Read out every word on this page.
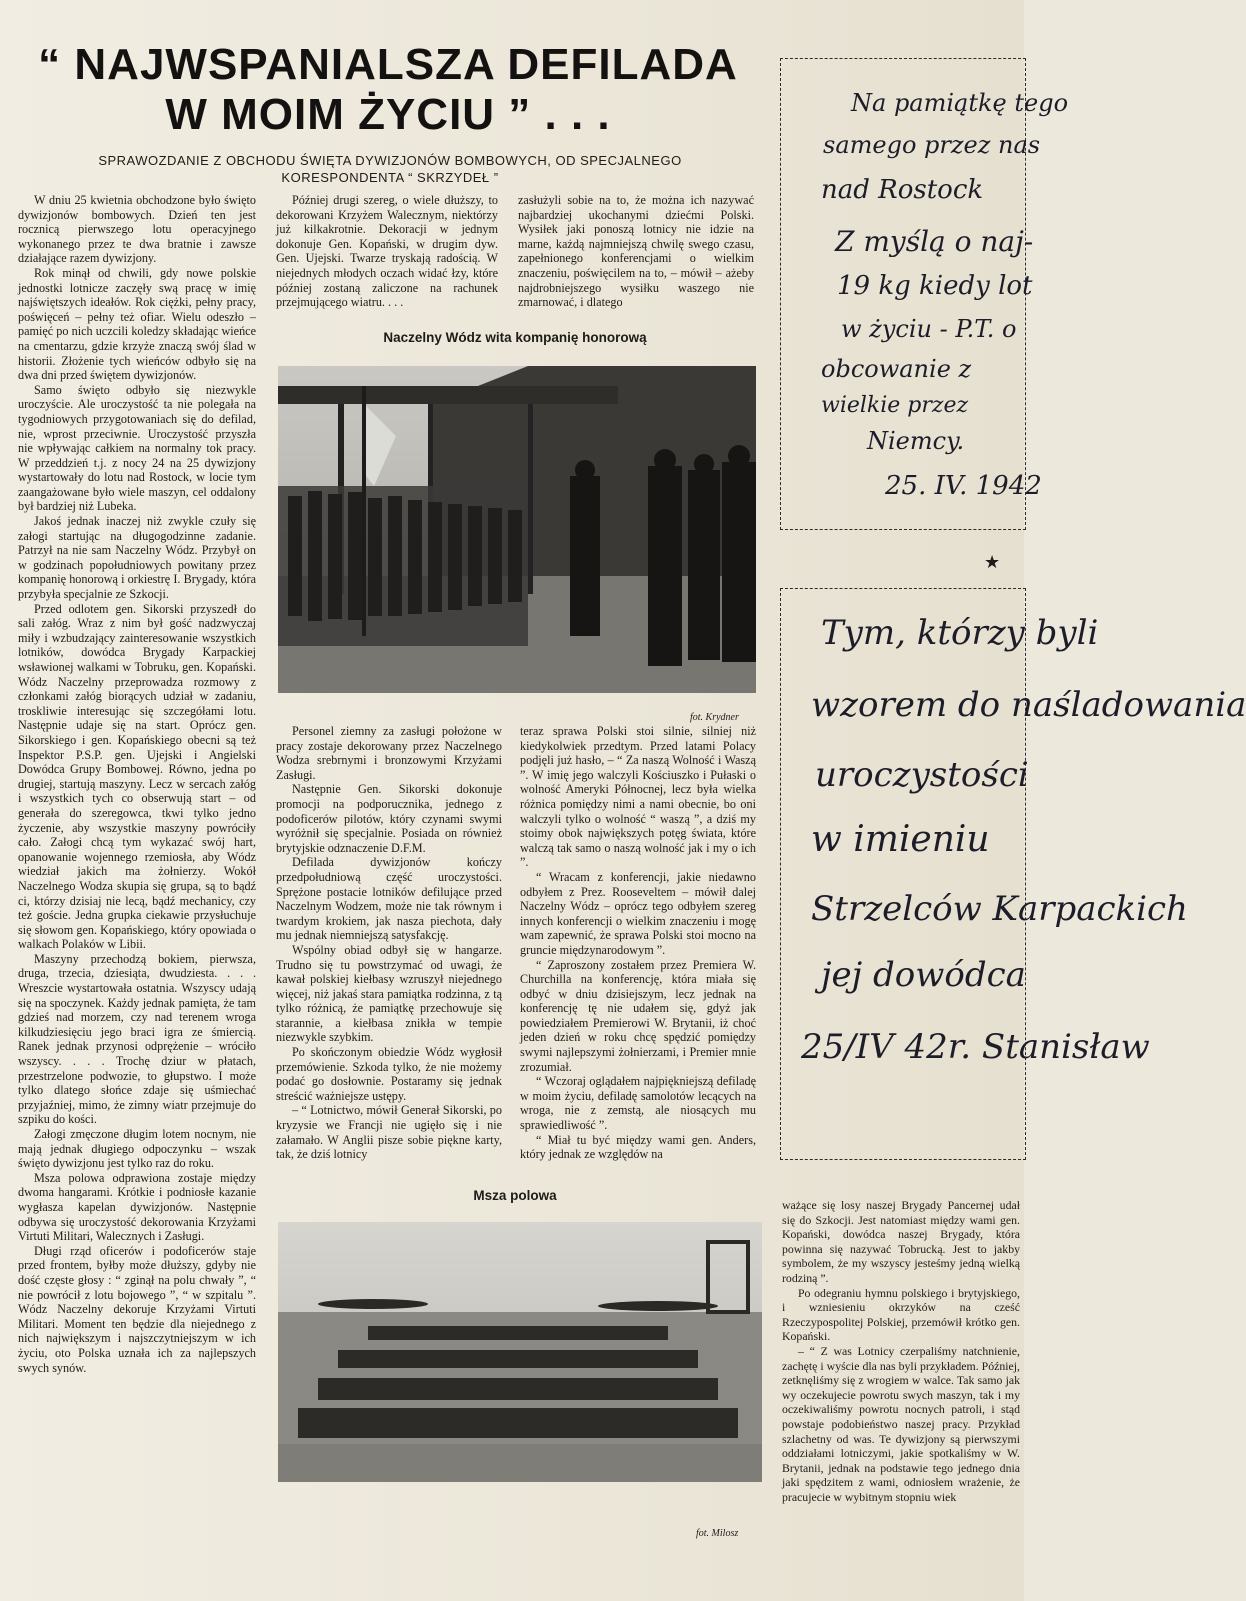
“ NAJWSPANIALSZA DEFILADA
W MOIM ŻYCIU ” . . .
SPRAWOZDANIE Z OBCHODU ŚWIĘTA DYWIZJONÓW BOMBOWYCH, OD SPECJALNEGO
KORESPONDENTA “ SKRZYDEŁ ”

W dniu 25 kwietnia obchodzone było święto dywizjonów bombowych. Dzień ten jest rocznicą pierwszego lotu operacyjnego wykonanego przez te dwa bratnie i zawsze działające razem dywizjony.

Rok minął od chwili, gdy nowe polskie jednostki lotnicze zaczęły swą pracę w imię najświętszych ideałów. Rok ciężki, pełny pracy, poświęceń – pełny też ofiar. Wielu odeszło – pamięć po nich uczcili koledzy składając wieńce na cmentarzu, gdzie krzyże znaczą swój ślad w historii. Złożenie tych wieńców odbyło się na dwa dni przed świętem dywizjonów.

Samo święto odbyło się niezwykle uroczyście. Ale uroczystość ta nie polegała na tygodniowych przygotowaniach się do defilad, nie, wprost przeciwnie. Uroczystość przyszła nie wpływając całkiem na normalny tok pracy. W przeddzień t.j. z nocy 24 na 25 dywizjony wystartowały do lotu nad Rostock, w locie tym zaangażowane było wiele maszyn, cel oddalony był bardziej niż Lubeka.

Jakoś jednak inaczej niż zwykle czuły się załogi startując na długogodzinne zadanie. Patrzył na nie sam Naczelny Wódz. Przybył on w godzinach popołudniowych powitany przez kompanię honorową i orkiestrę I. Brygady, która przybyła specjalnie ze Szkocji.

Przed odlotem gen. Sikorski przyszedł do sali załóg. Wraz z nim był gość nadzwyczaj miły i wzbudzający zainteresowanie wszystkich lotników, dowódca Brygady Karpackiej wsławionej walkami w Tobruku, gen. Kopański. Wódz Naczelny przeprowadza rozmowy z członkami załóg biorących udział w zadaniu, troskliwie interesując się szczegółami lotu. Następnie udaje się na start. Oprócz gen. Sikorskiego i gen. Kopańskiego obecni są też Inspektor P.S.P. gen. Ujejski i Angielski Dowódca Grupy Bombowej. Równo, jedna po drugiej, startują maszyny. Lecz w sercach załóg i wszystkich tych co obserwują start – od generała do szeregowca, tkwi tylko jedno życzenie, aby wszystkie maszyny powróciły cało. Załogi chcą tym wykazać swój hart, opanowanie wojennego rzemiosła, aby Wódz wiedział jakich ma żołnierzy. Wokół Naczelnego Wodza skupia się grupa, są to bądź ci, którzy dzisiaj nie lecą, bądź mechanicy, czy też goście. Jedna grupka ciekawie przysłuchuje się słowom gen. Kopańskiego, który opowiada o walkach Polaków w Libii.

Maszyny przechodzą bokiem, pierwsza, druga, trzecia, dziesiąta, dwudziesta. . . . Wreszcie wystartowała ostatnia. Wszyscy udają się na spoczynek. Każdy jednak pamięta, że tam gdzieś nad morzem, czy nad terenem wroga kilkudziesięciu jego braci igra ze śmiercią. Ranek jednak przynosi odprężenie – wróciło wszyscy. . . . Trochę dziur w płatach, przestrzelone podwozie, to głupstwo. I może tylko dlatego słońce zdaje się uśmiechać przyjaźniej, mimo, że zimny wiatr przejmuje do szpiku do kości.

Załogi zmęczone długim lotem nocnym, nie mają jednak długiego odpoczynku – wszak święto dywizjonu jest tylko raz do roku.

Msza polowa odprawiona zostaje między dwoma hangarami. Krótkie i podniosłe kazanie wygłasza kapelan dywizjonów. Następnie odbywa się uroczystość dekorowania Krzyżami Virtuti Militari, Walecznych i Zasługi.

Długi rząd oficerów i podoficerów staje przed frontem, byłby może dłuższy, gdyby nie dość częste głosy : “ zginął na polu chwały ”, “ nie powrócił z lotu bojowego ”, “ w szpitalu ”. Wódz Naczelny dekoruje Krzyżami Virtuti Militari. Moment ten będzie dla niejednego z nich największym i najszczytniejszym w ich życiu, oto Polska uznała ich za najlepszych swych synów.

Później drugi szereg, o wiele dłuższy, to dekorowani Krzyżem Walecznym, niektórzy już kilkakrotnie. Dekoracji w jednym dokonuje Gen. Kopański, w drugim dyw. Gen. Ujejski. Twarze tryskają radością. W niejednych młodych oczach widać łzy, które później zostaną zaliczone na rachunek przejmującego wiatru. . . .

zasłużyli sobie na to, że można ich nazywać najbardziej ukochanymi dziećmi Polski. Wysiłek jaki ponoszą lotnicy nie idzie na marne, każdą najmniejszą chwilę swego czasu, zapełnionego konferencjami o wielkim znaczeniu, poświęcilem na to, – mówił – ażeby najdrobniejszego wysiłku waszego nie zmarnować, i dlatego

Naczelny Wódz wita kompanię honorową
fot. Krydner

Personel ziemny za zasługi położone w pracy zostaje dekorowany przez Naczelnego Wodza srebrnymi i bronzowymi Krzyżami Zasługi.

Następnie Gen. Sikorski dokonuje promocji na podporucznika, jednego z podoficerów pilotów, który czynami swymi wyróżnił się specjalnie. Posiada on również brytyjskie odznaczenie D.F.M.

Defilada dywizjonów kończy przedpołudniową część uroczystości. Sprężone postacie lotników defilujące przed Naczelnym Wodzem, może nie tak równym i twardym krokiem, jak nasza piechota, dały mu jednak niemniejszą satysfakcję.

Wspólny obiad odbył się w hangarze. Trudno się tu powstrzymać od uwagi, że kawał polskiej kiełbasy wzruszył niejednego więcej, niż jakaś stara pamiątka rodzinna, z tą tylko różnicą, że pamiątkę przechowuje się starannie, a kiełbasa znikła w tempie niezwykle szybkim.

Po skończonym obiedzie Wódz wygłosił przemówienie. Szkoda tylko, że nie możemy podać go dosłownie. Postaramy się jednak streścić ważniejsze ustępy.

– “ Lotnictwo, mówił Generał Sikorski, po kryzysie we Francji nie ugięło się i nie załamało. W Anglii pisze sobie piękne karty, tak, że dziś lotnicy

teraz sprawa Polski stoi silnie, silniej niż kiedykolwiek przedtym. Przed latami Polacy podjęli już hasło, – “ Za naszą Wolność i Waszą ”. W imię jego walczyli Kościuszko i Pułaski o wolność Ameryki Północnej, lecz była wielka różnica pomiędzy nimi a nami obecnie, bo oni walczyli tylko o wolność “ waszą ”, a dziś my stoimy obok największych potęg świata, które walczą tak samo o naszą wolność jak i my o ich ”.

“ Wracam z konferencji, jakie niedawno odbyłem z Prez. Rooseveltem – mówił dalej Naczelny Wódz – oprócz tego odbyłem szereg innych konferencji o wielkim znaczeniu i mogę wam zapewnić, że sprawa Polski stoi mocno na gruncie międzynarodowym ”.

“ Zaproszony zostałem przez Premiera W. Churchilla na konferencję, która miała się odbyć w dniu dzisiejszym, lecz jednak na konferencję tę nie udałem się, gdyż jak powiedziałem Premierowi W. Brytanii, iż choć jeden dzień w roku chcę spędzić pomiędzy swymi najlepszymi żołnierzami, i Premier mnie zrozumiał.

“ Wczoraj oglądałem najpiękniejszą defiladę w moim życiu, defiladę samolotów lecących na wroga, nie z zemstą, ale niosących mu sprawiedliwość ”.

“ Miał tu być między wami gen. Anders, który jednak ze względów na

Msza polowa
fot. Milosz

ważące się losy naszej Brygady Pancernej udał się do Szkocji. Jest natomiast między wami gen. Kopański, dowódca naszej Brygady, która powinna się nazywać Tobrucką. Jest to jakby symbolem, że my wszyscy jesteśmy jedną wielką rodziną ”.

Po odegraniu hymnu polskiego i brytyjskiego, i wzniesieniu okrzyków na cześć Rzeczypospolitej Polskiej, przemówił krótko gen. Kopański.

– “ Z was Lotnicy czerpaliśmy natchnienie, zachętę i wyście dla nas byli przykładem. Później, zetknęliśmy się z wrogiem w walce. Tak samo jak wy oczekujecie powrotu swych maszyn, tak i my oczekiwaliśmy powrotu nocnych patroli, i stąd powstaje podobieństwo naszej pracy. Przykład szlachetny od was. Te dywizjony są pierwszymi oddziałami lotniczymi, jakie spotkaliśmy w W. Brytanii, jednak na podstawie tego jednego dnia jaki spędzitem z wami, odniosłem wrażenie, że pracujecie w wybitnym stopniu wiek

Na pamiątkę tego
samego przez nas
nad Rostock
Z myślą o naj-
19 kg kiedy lot
w życiu - P.T. o
obcowanie z
wielkie przez
Niemcy.
25. IV. 1942
★
Tym, którzy byli
wzorem do naśladowania
uroczystości
w imieniu
Strzelców Karpackich
jej dowódca
25/IV 42r. Stanisław
